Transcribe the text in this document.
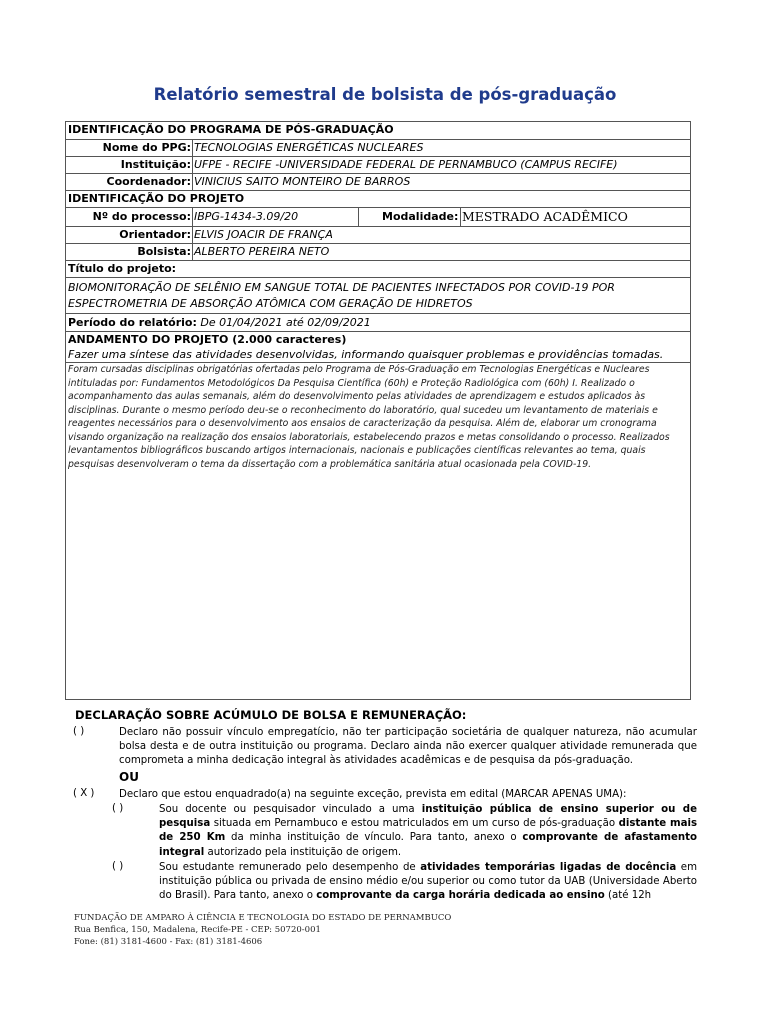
Relatório semestral de bolsista de pós-graduação
IDENTIFICAÇÃO DO PROGRAMA DE PÓS-GRADUAÇÃO
Nome do PPG: TECNOLOGIAS ENERGÉTICAS NUCLEARES
Instituição: UFPE - RECIFE -UNIVERSIDADE FEDERAL DE PERNAMBUCO (CAMPUS RECIFE)
Coordenador: VINICIUS SAITO MONTEIRO DE BARROS
IDENTIFICAÇÃO DO PROJETO
Nº do processo: IBPG-1434-3.09/20	Modalidade: MESTRADO ACADÊMICO
Orientador: ELVIS JOACIR DE FRANÇA
Bolsista: ALBERTO PEREIRA NETO
Título do projeto:
BIOMONITORAÇÃO DE SELÊNIO EM SANGUE TOTAL DE PACIENTES INFECTADOS POR COVID-19 POR
ESPECTROMETRIA DE ABSORÇÃO ATÔMICA COM GERAÇÃO DE HIDRETOS
Período do relatório: De 01/04/2021 até 02/09/2021
ANDAMENTO DO PROJETO (2.000 caracteres)
Fazer uma síntese das atividades desenvolvidas, informando quaisquer problemas e providências tomadas.
Foram cursadas disciplinas obrigatórias ofertadas pelo Programa de Pós-Graduação em Tecnologias Energéticas e Nucleares intituladas por: Fundamentos Metodológicos Da Pesquisa Científica (60h) e Proteção Radiológica com (60h) I. Realizado o acompanhamento das aulas semanais, além do desenvolvimento pelas atividades de aprendizagem e estudos aplicados às disciplinas. Durante o mesmo período deu-se o reconhecimento do laboratório, qual sucedeu um levantamento de materiais e reagentes necessários para o desenvolvimento aos ensaios de caracterização da pesquisa. Além de, elaborar um cronograma visando organização na realização dos ensaios laboratoriais, estabelecendo prazos e metas consolidando o processo. Realizados levantamentos bibliográficos buscando artigos internacionais, nacionais e publicações científicas relevantes ao tema, quais pesquisas desenvolveram o tema da dissertação com a problemática sanitária atual ocasionada pela COVID-19.
DECLARAÇÃO SOBRE ACÚMULO DE BOLSA E REMUNERAÇÃO:
( )	Declaro não possuir vínculo empregatício, não ter participação societária de qualquer natureza, não acumular bolsa desta e de outra instituição ou programa. Declaro ainda não exercer qualquer atividade remunerada que comprometa a minha dedicação integral às atividades acadêmicas e de pesquisa da pós-graduação.
OU
( X ) Declaro que estou enquadrado(a) na seguinte exceção, prevista em edital (MARCAR APENAS UMA):
( )	Sou docente ou pesquisador vinculado a uma instituição pública de ensino superior ou de pesquisa situada em Pernambuco e estou matriculados em um curso de pós-graduação distante mais de 250 Km da minha instituição de vínculo. Para tanto, anexo o comprovante de afastamento integral autorizado pela instituição de origem.
( )	Sou estudante remunerado pelo desempenho de atividades temporárias ligadas de docência em instituição pública ou privada de ensino médio e/ou superior ou como tutor da UAB (Universidade Aberto do Brasil). Para tanto, anexo o comprovante da carga horária dedicada ao ensino (até 12h
FUNDAÇÃO DE AMPARO À CIÊNCIA E TECNOLOGIA DO ESTADO DE PERNAMBUCO
Rua Benfica, 150, Madalena, Recife-PE - CEP: 50720-001
Fone: (81) 3181-4600 - Fax: (81) 3181-4606
